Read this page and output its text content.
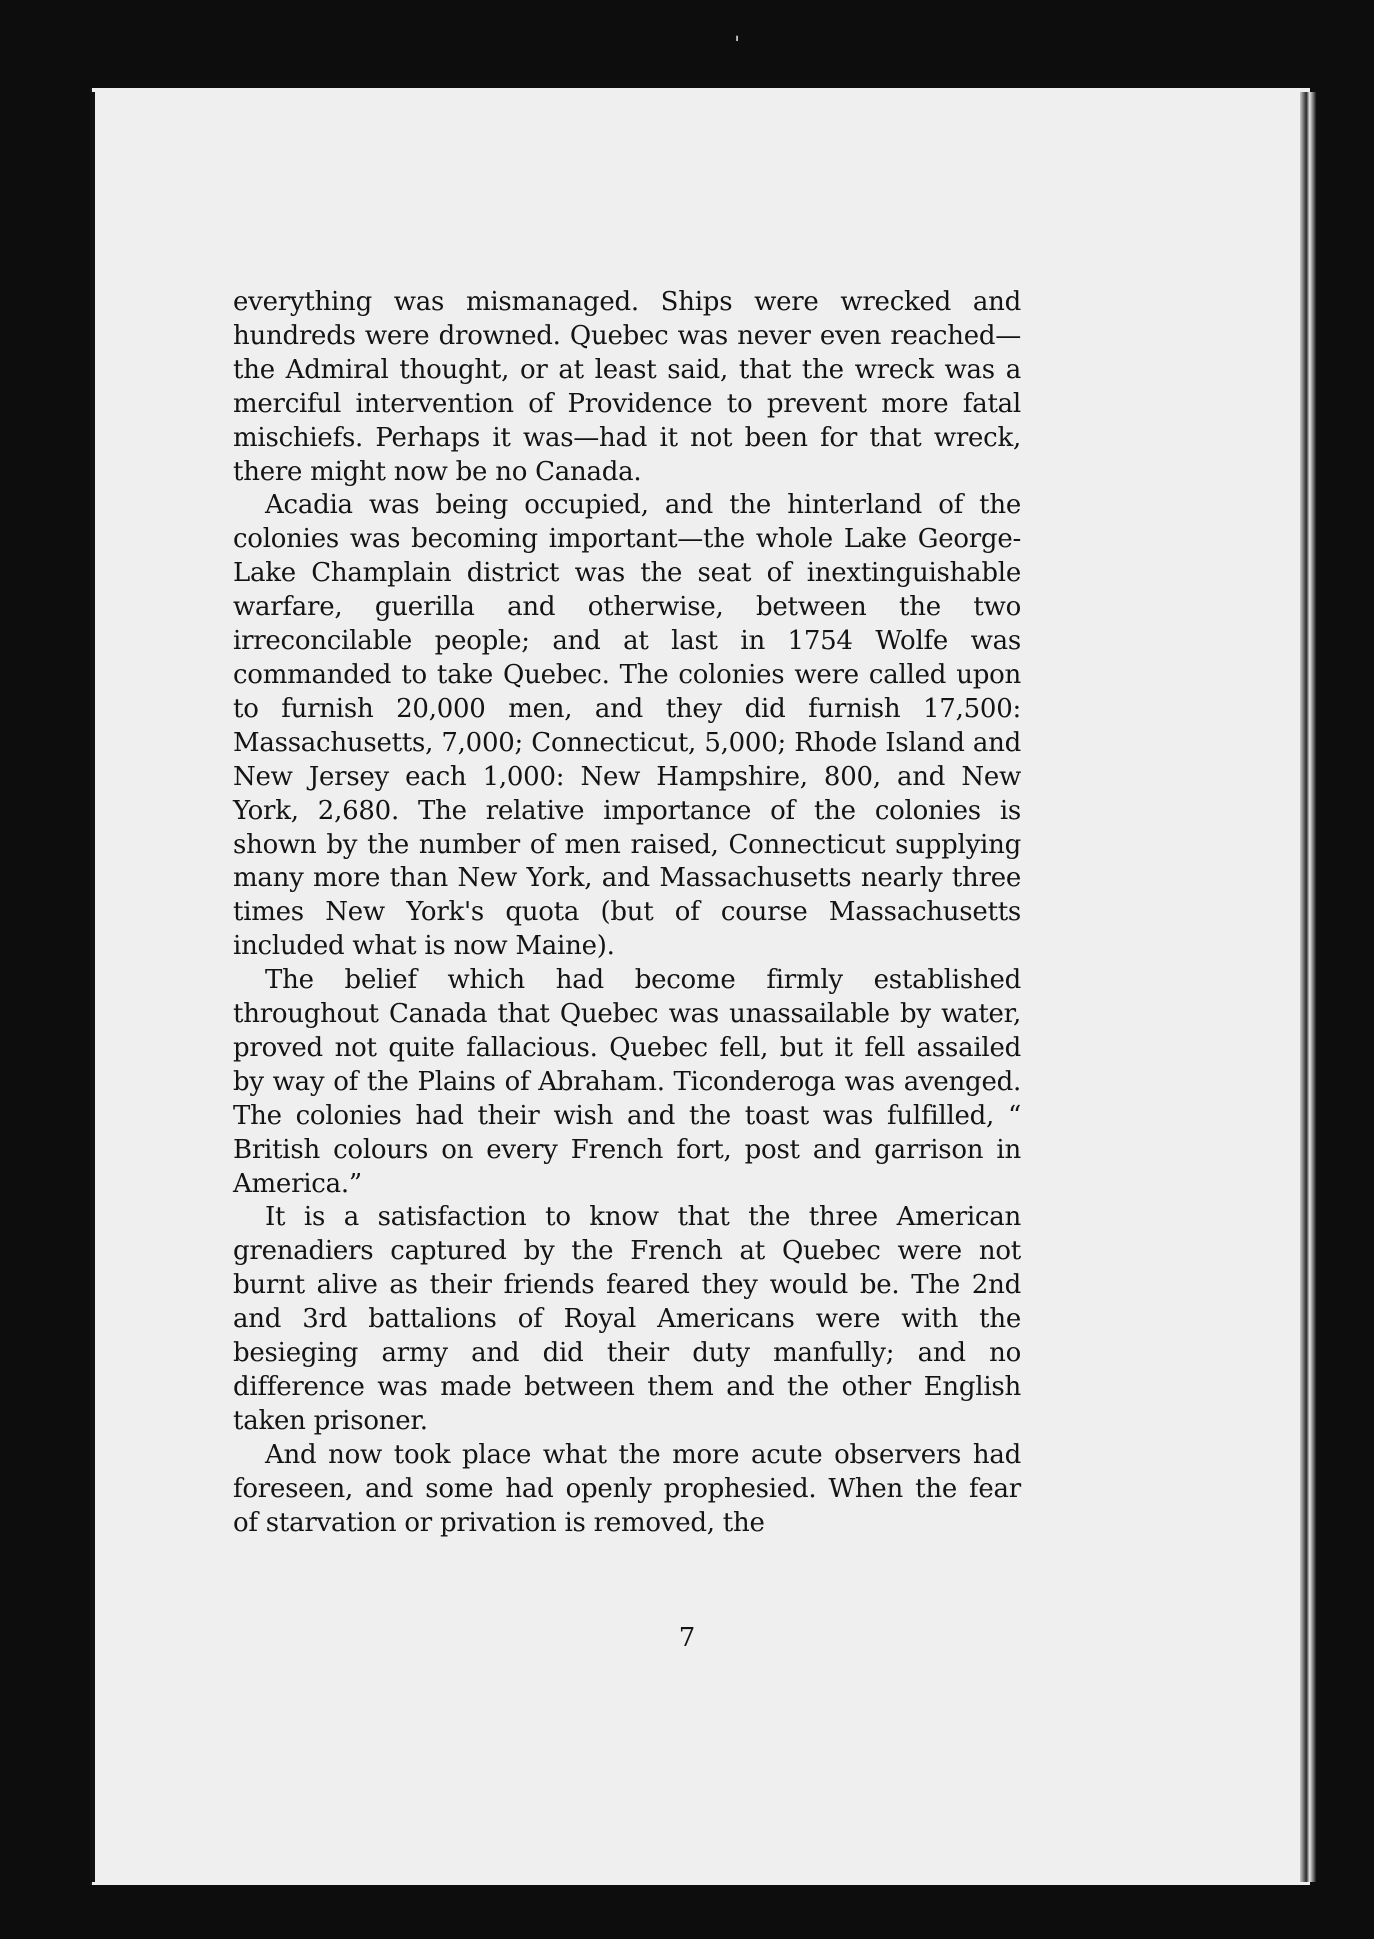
ˈ

everything was mismanaged. Ships were wrecked and hundreds were drowned. Quebec was never even reached—the Admiral thought, or at least said, that the wreck was a merciful intervention of Providence to prevent more fatal mischiefs. Perhaps it was—had it not been for that wreck, there might now be no Canada.

Acadia was being occupied, and the hinterland of the colonies was becoming important—the whole Lake George-Lake Champlain district was the seat of inextinguishable warfare, guerilla and otherwise, between the two irreconcilable people; and at last in 1754 Wolfe was commanded to take Quebec. The colonies were called upon to furnish 20,000 men, and they did furnish 17,500: Massachusetts, 7,000; Connecticut, 5,000; Rhode Island and New Jersey each 1,000: New Hampshire, 800, and New York, 2,680. The relative importance of the colonies is shown by the number of men raised, Connecticut supplying many more than New York, and Massachusetts nearly three times New York's quota (but of course Massachusetts included what is now Maine).

The belief which had become firmly established throughout Canada that Quebec was unassailable by water, proved not quite fallacious. Quebec fell, but it fell assailed by way of the Plains of Abraham. Ticonderoga was avenged. The colonies had their wish and the toast was fulfilled, “ British colours on every French fort, post and garrison in America.”

It is a satisfaction to know that the three American grenadiers captured by the French at Quebec were not burnt alive as their friends feared they would be. The 2nd and 3rd battalions of Royal Americans were with the besieging army and did their duty manfully; and no difference was made between them and the other English taken prisoner.

And now took place what the more acute observers had foreseen, and some had openly prophesied. When the fear of starvation or privation is removed, the

7
